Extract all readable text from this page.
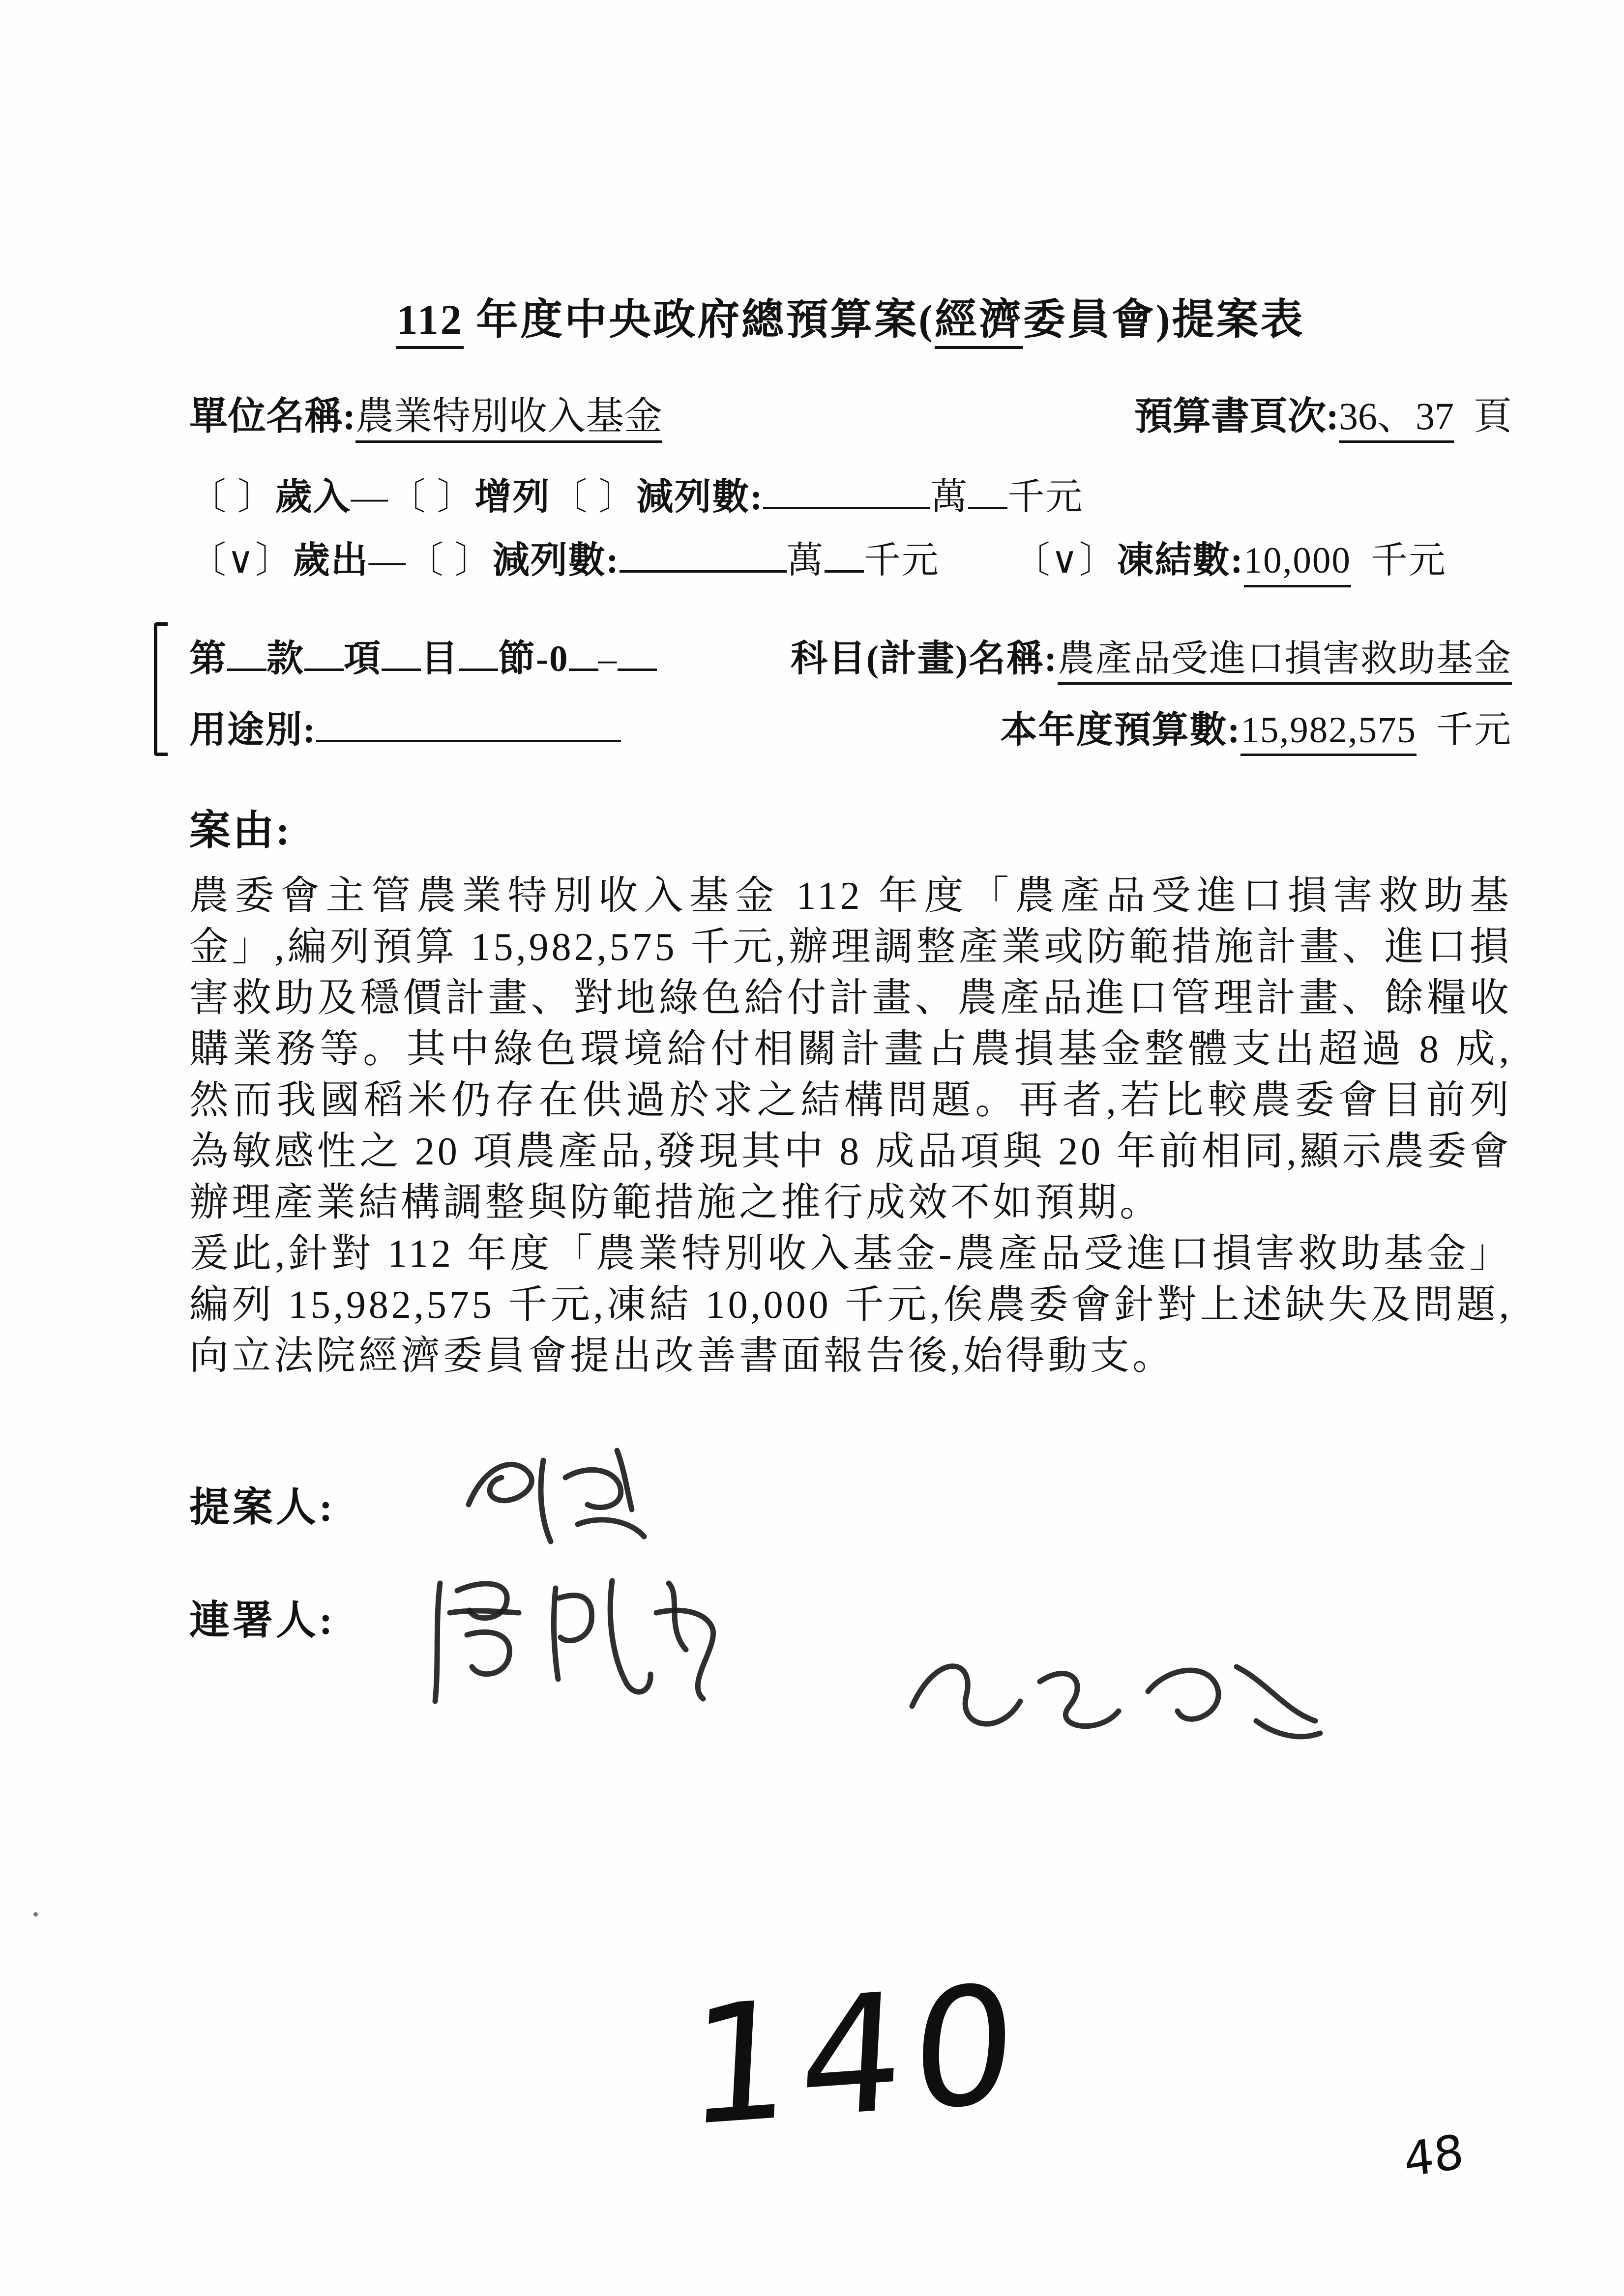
112 年度中央政府總預算案(經濟委員會)提案表
單位名稱:農業特別收入基金	預算書頁次:36、37 頁
〔 〕 歲入 — 〔 〕 增列 〔 〕 減列數:	萬 千元
〔∨〕 歲出 — 〔 〕 減列數:	萬 千元 〔∨〕 凍結數: 10,000 千元
第 款 項 目 節-0 –	科目(計畫)名稱:農產品受進口損害救助基金
用途別:	本年度預算數:15,982,575 千元
案由:

農委會主管農業特別收入基金 112 年度「農產品受進口損害救助基金」,編列預算 15,982,575 千元,辦理調整產業或防範措施計畫、進口損害救助及穩價計畫、對地綠色給付計畫、農產品進口管理計畫、餘糧收購業務等。其中綠色環境給付相關計畫占農損基金整體支出超過 8 成,然而我國稻米仍存在供過於求之結構問題。再者,若比較農委會目前列為敏感性之 20 項農產品,發現其中 8 成品項與 20 年前相同,顯示農委會辦理產業結構調整與防範措施之推行成效不如預期。

爰此,針對 112 年度「農業特別收入基金-農產品受進口損害救助基金」編列 15,982,575 千元,凍結 10,000 千元,俟農委會針對上述缺失及問題,向立法院經濟委員會提出改善書面報告後,始得動支。

提案人:
連署人:
140	48
